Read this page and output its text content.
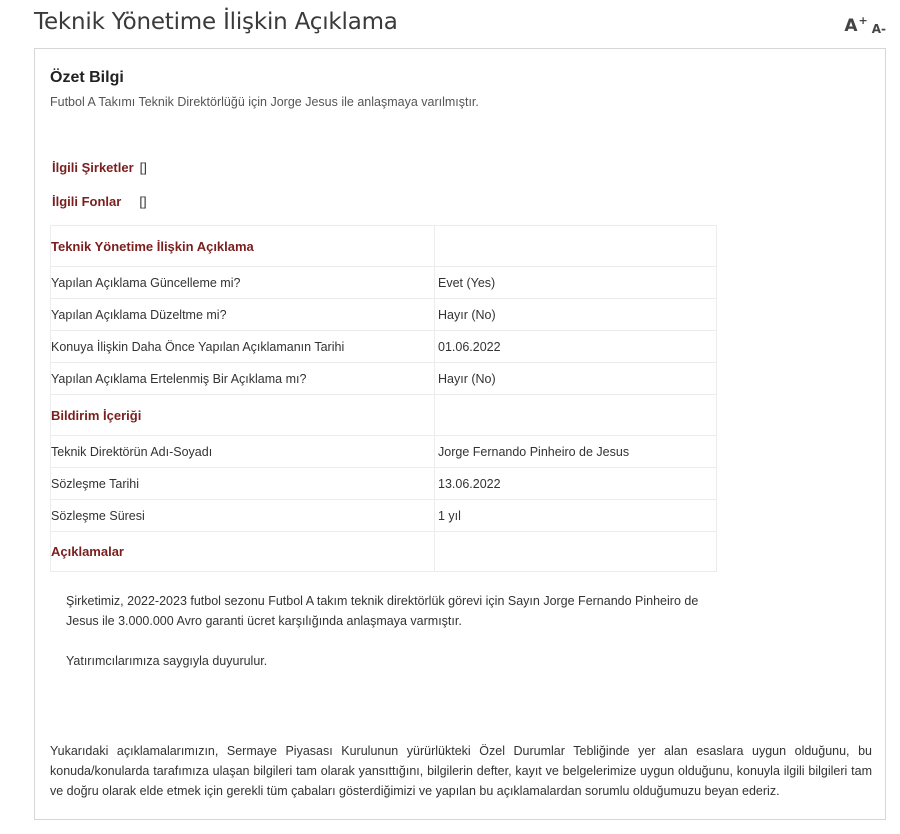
Teknik Yönetime İlişkin Açıklama	A+
A-
Özet Bilgi
Futbol A Takımı Teknik Direktörlüğü için Jorge Jesus ile anlaşmaya varılmıştır.
İlgili Şirketler []
İlgili Fonlar []
Teknik Yönetime İlişkin Açıklama	
Yapılan Açıklama Güncelleme mi?	Evet (Yes)
Yapılan Açıklama Düzeltme mi?	Hayır (No)
Konuya İlişkin Daha Önce Yapılan Açıklamanın Tarihi	01.06.2022
Yapılan Açıklama Ertelenmiş Bir Açıklama mı?	Hayır (No)
Bildirim İçeriği	
Teknik Direktörün Adı-Soyadı	Jorge Fernando Pinheiro de Jesus
Sözleşme Tarihi	13.06.2022
Sözleşme Süresi	1 yıl
Açıklamalar	

Şirketimiz, 2022-2023 futbol sezonu Futbol A takım teknik direktörlük görevi için Sayın Jorge Fernando Pinheiro de Jesus ile 3.000.000 Avro garanti ücret karşılığında anlaşmaya varmıştır.

Yatırımcılarımıza saygıyla duyurulur.

Yukarıdaki açıklamalarımızın, Sermaye Piyasası Kurulunun yürürlükteki Özel Durumlar Tebliğinde yer alan esaslara uygun olduğunu, bu konuda/konularda tarafımıza ulaşan bilgileri tam olarak yansıttığını, bilgilerin defter, kayıt ve belgelerimize uygun olduğunu, konuyla ilgili bilgileri tam ve doğru olarak elde etmek için gerekli tüm çabaları gösterdiğimizi ve yapılan bu açıklamalardan sorumlu olduğumuzu beyan ederiz.
